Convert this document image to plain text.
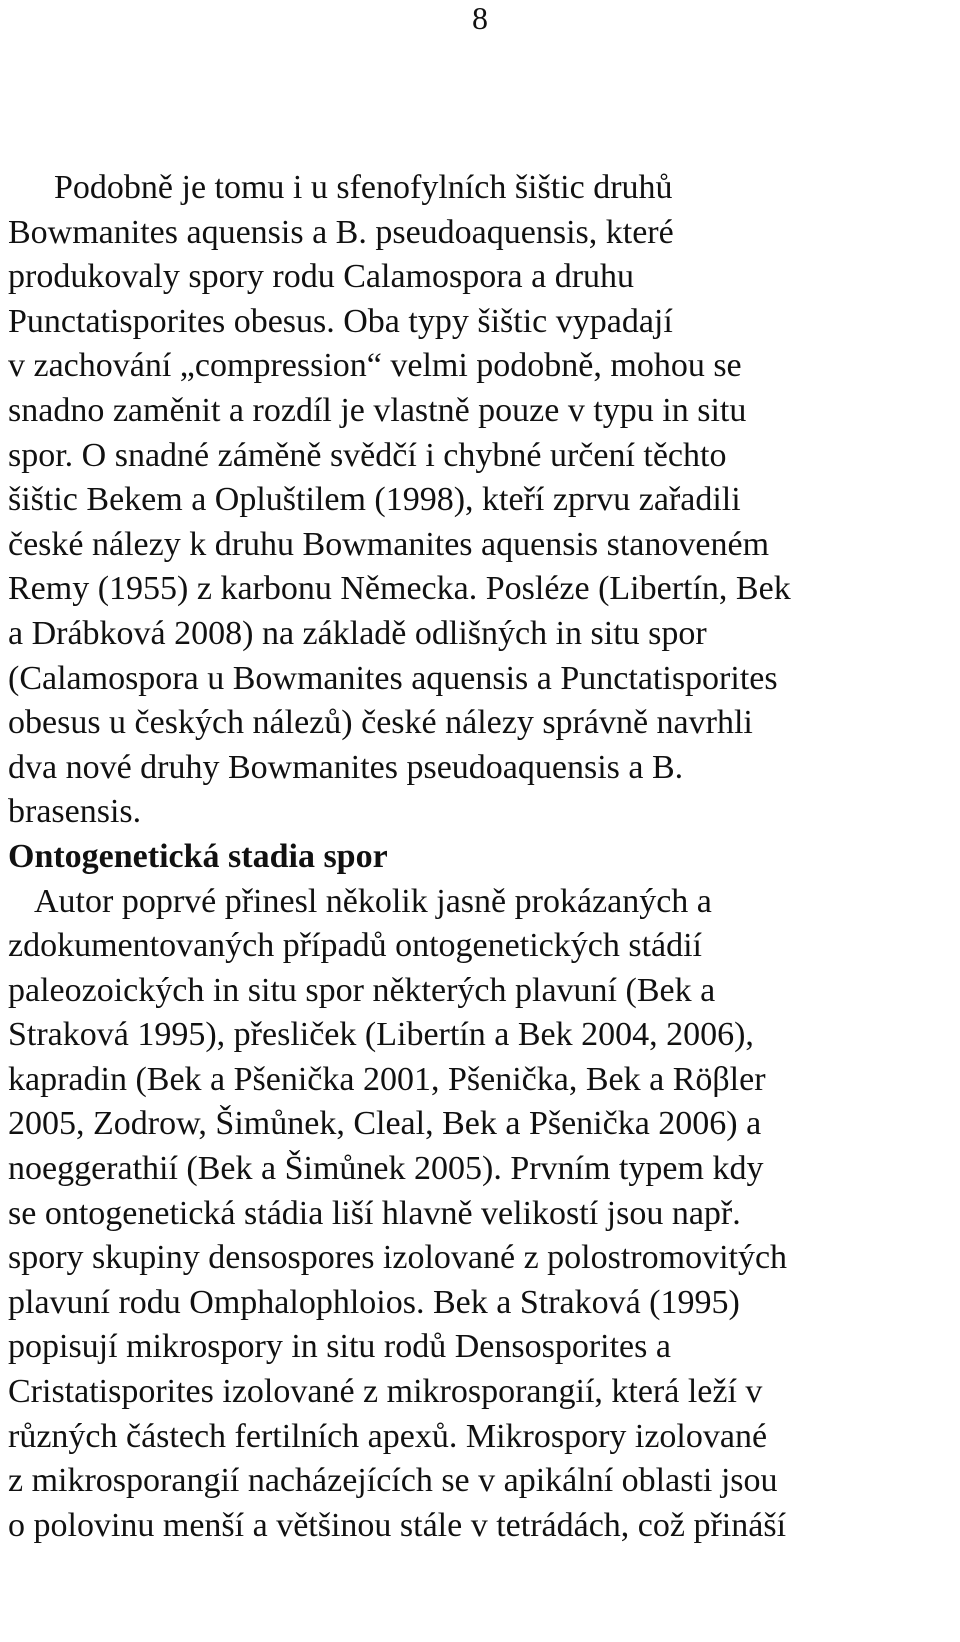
8
Podobně je tomu i u sfenofylních šištic druhů
Bowmanites aquensis a B. pseudoaquensis, které
produkovaly spory rodu Calamospora a druhu
Punctatisporites obesus. Oba typy šištic vypadají
v zachování „compression“ velmi podobně, mohou se
snadno zaměnit a rozdíl je vlastně pouze v typu in situ
spor. O snadné záměně svědčí i chybné určení těchto
šištic Bekem a Opluštilem (1998), kteří zprvu zařadili
české nálezy k druhu Bowmanites aquensis stanoveném
Remy (1955) z karbonu Německa. Posléze (Libertín, Bek
a Drábková 2008) na základě odlišných in situ spor
(Calamospora u Bowmanites aquensis a Punctatisporites
obesus u českých nálezů) české nálezy správně navrhli
dva nové druhy Bowmanites pseudoaquensis a B.
brasensis.
Ontogenetická stadia spor
Autor poprvé přinesl několik jasně prokázaných a
zdokumentovaných případů ontogenetických stádií
paleozoických in situ spor některých plavuní (Bek a
Straková 1995), přesliček (Libertín a Bek 2004, 2006),
kapradin (Bek a Pšenička 2001, Pšenička, Bek a Röβler
2005, Zodrow, Šimůnek, Cleal, Bek a Pšenička 2006) a
noeggerathií (Bek a Šimůnek 2005). Prvním typem kdy
se ontogenetická stádia liší hlavně velikostí jsou např.
spory skupiny densospores izolované z polostromovitých
plavuní rodu Omphalophloios. Bek a Straková (1995)
popisují mikrospory in situ rodů Densosporites a
Cristatisporites izolované z mikrosporangií, která leží v
různých částech fertilních apexů. Mikrospory izolované
z mikrosporangií nacházejících se v apikální oblasti jsou
o polovinu menší a většinou stále v tetrádách, což přináší
